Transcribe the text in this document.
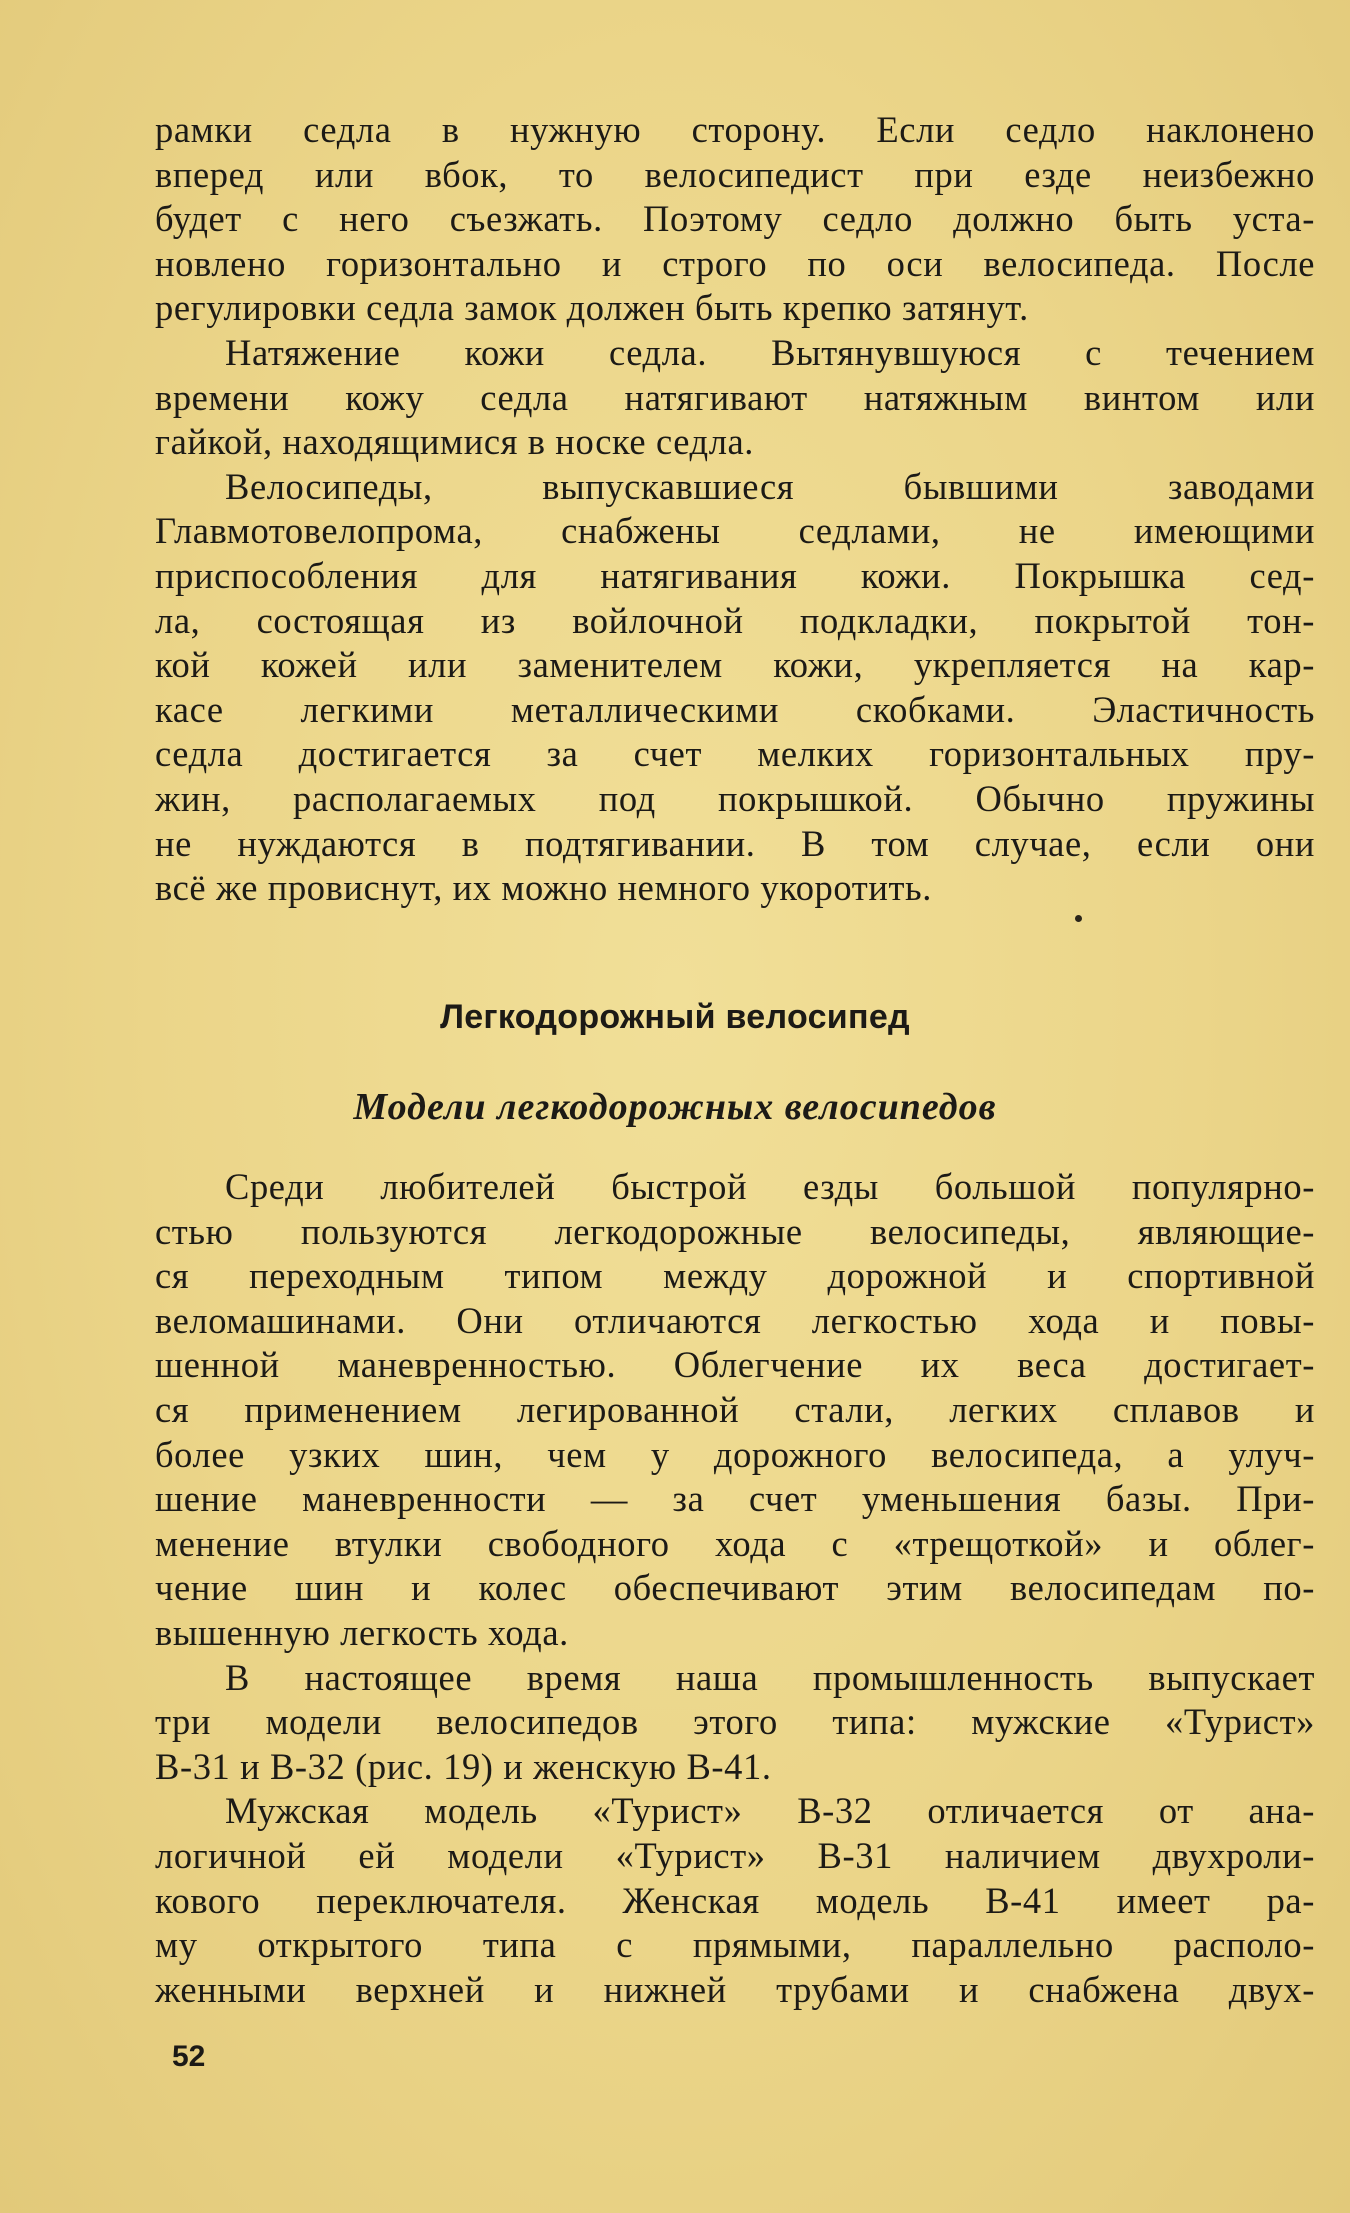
рамки седла в нужную сторону. Если седло наклонено
вперед или вбок, то велосипедист при езде неизбежно
будет с него съезжать. Поэтому седло должно быть уста-
новлено горизонтально и строго по оси велосипеда. После
регулировки седла замок должен быть крепко затянут.

Натяжение кожи седла. Вытянувшуюся с течением
времени кожу седла натягивают натяжным винтом или
гайкой, находящимися в носке седла.

Велосипеды, выпускавшиеся бывшими заводами
Главмотовелопрома, снабжены седлами, не имеющими
приспособления для натягивания кожи. Покрышка сед-
ла, состоящая из войлочной подкладки, покрытой тон-
кой кожей или заменителем кожи, укрепляется на кар-
касе легкими металлическими скобками. Эластичность
седла достигается за счет мелких горизонтальных пру-
жин, располагаемых под покрышкой. Обычно пружины
не нуждаются в подтягивании. В том случае, если они
всё же провиснут, их можно немного укоротить.

Легкодорожный велосипед
Модели легкодорожных велосипедов

Среди любителей быстрой езды большой популярно-
стью пользуются легкодорожные велосипеды, являющие-
ся переходным типом между дорожной и спортивной
веломашинами. Они отличаются легкостью хода и повы-
шенной маневренностью. Облегчение их веса достигает-
ся применением легированной стали, легких сплавов и
более узких шин, чем у дорожного велосипеда, а улуч-
шение маневренности — за счет уменьшения базы. При-
менение втулки свободного хода с «трещоткой» и облег-
чение шин и колес обеспечивают этим велосипедам по-
вышенную легкость хода.

В настоящее время наша промышленность выпускает
три модели велосипедов этого типа: мужские «Турист»
В-31 и В-32 (рис. 19) и женскую В-41.

Мужская модель «Турист» В-32 отличается от ана-
логичной ей модели «Турист» В-31 наличием двухроли-
кового переключателя. Женская модель В-41 имеет ра-
му открытого типа с прямыми, параллельно располо-
женными верхней и нижней трубами и снабжена двух-

52
